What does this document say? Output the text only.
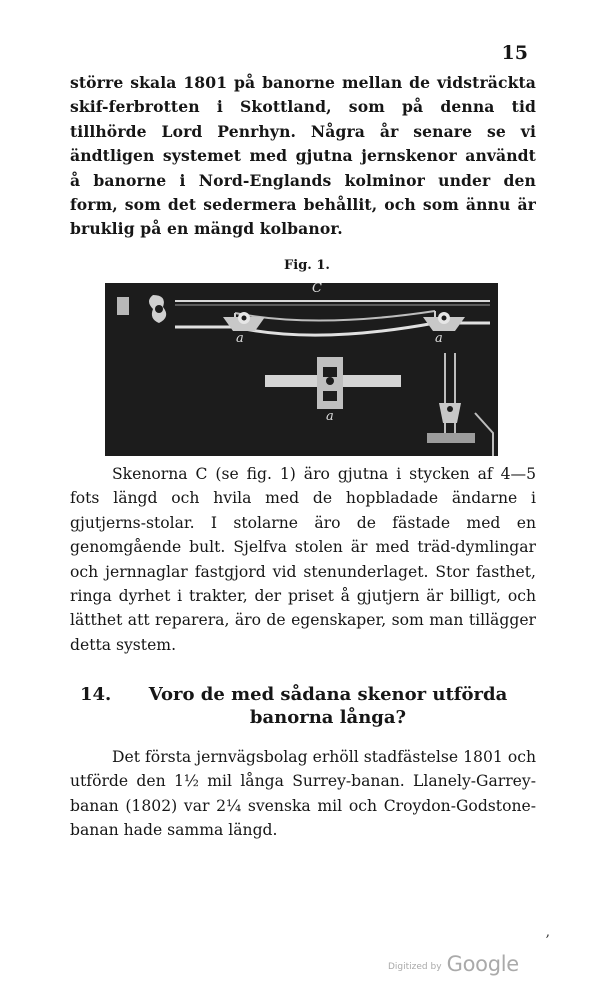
15

större skala 1801 på banorne mellan de vidsträckta skif-ferbrotten i Skottland, som på denna tid tillhörde Lord Penrhyn. Några år senare se vi ändtligen systemet med gjutna jernskenor användt å banorne i Nord-Englands kolminor under den form, som det sedermera behållit, och som ännu är bruklig på en mängd kolbanor.

Fig. 1.
C
a	a
a

Skenorna C (se fig. 1) äro gjutna i stycken af 4—5 fots längd och hvila med de hopbladade ändarne i gjutjerns-stolar. I stolarne äro de fästade med en genomgående bult. Sjelfva stolen är med träd-dymlingar och jernnaglar fastgjord vid stenunderlaget. Stor fasthet, ringa dyrhet i trakter, der priset å gjutjern är billigt, och lätthet att reparera, äro de egenskaper, som man tillägger detta system.

14.	Voro de med sådana skenor utförda banorna långa?

Det första jernvägsbolag erhöll stadfästelse 1801 och utförde den 1½ mil långa Surrey-banan. Llanely-Garrey-banan (1802) var 2¼ svenska mil och Croydon-Godstone-banan hade samma längd.

‚
Digitized by Google
